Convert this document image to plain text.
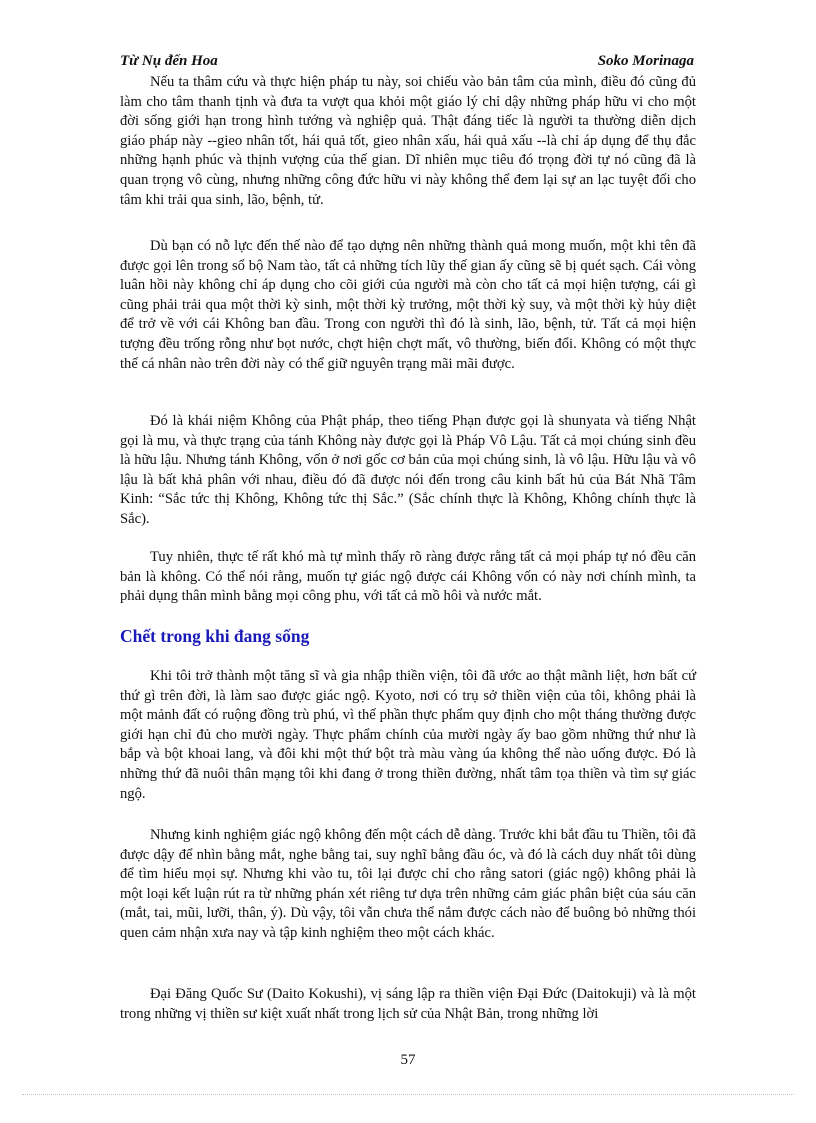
Từ Nụ đến Hoa	Soko Morinaga

Nếu ta thâm cứu và thực hiện pháp tu này, soi chiếu vào bản tâm của mình, điều đó cũng đủ làm cho tâm thanh tịnh và đưa ta vượt qua khỏi một giáo lý chỉ dậy những pháp hữu vi cho một đời sống giới hạn trong hình tướng và nghiệp quả. Thật đáng tiếc là người ta thường diễn dịch giáo pháp này --gieo nhân tốt, hái quả tốt, gieo nhân xấu, hái quả xấu --là chỉ áp dụng để thụ đắc những hạnh phúc và thịnh vượng của thế gian. Dĩ nhiên mục tiêu đó trọng đời tự nó cũng đã là quan trọng vô cùng, nhưng những công đức hữu vi này không thể đem lại sự an lạc tuyệt đối cho tâm khi trải qua sinh, lão, bệnh, tử.

Dù bạn có nỗ lực đến thế nào để tạo dựng nên những thành quả mong muốn, một khi tên đã được gọi lên trong sổ bộ Nam tào, tất cả những tích lũy thế gian ấy cũng sẽ bị quét sạch. Cái vòng luân hồi này không chỉ áp dụng cho cõi giới của người mà còn cho tất cả mọi hiện tượng, cái gì cũng phải trải qua một thời kỳ sinh, một thời kỳ trưởng, một thời kỳ suy, và một thời kỳ hủy diệt để trở về với cái Không ban đầu. Trong con người thì đó là sinh, lão, bệnh, tử. Tất cả mọi hiện tượng đều trống rỗng như bọt nước, chợt hiện chợt mất, vô thường, biến đổi. Không có một thực thể cá nhân nào trên đời này có thể giữ nguyên trạng mãi mãi được.

Đó là khái niệm Không của Phật pháp, theo tiếng Phạn được gọi là shunyata và tiếng Nhật gọi là mu, và thực trạng của tánh Không này được gọi là Pháp Vô Lậu. Tất cả mọi chúng sinh đều là hữu lậu. Nhưng tánh Không, vốn ở nơi gốc cơ bản của mọi chúng sinh, là vô lậu. Hữu lậu và vô lậu là bất khả phân với nhau, điều đó đã được nói đến trong câu kinh bất hủ của Bát Nhã Tâm Kinh: “Sắc tức thị Không, Không tức thị Sắc.” (Sắc chính thực là Không, Không chính thực là Sắc).

Tuy nhiên, thực tế rất khó mà tự mình thấy rõ ràng được rằng tất cả mọi pháp tự nó đều căn bản là không. Có thể nói rằng, muốn tự giác ngộ được cái Không vốn có này nơi chính mình, ta phải dụng thân mình bằng mọi công phu, với tất cả mồ hôi và nước mắt.

Chết trong khi đang sống

Khi tôi trở thành một tăng sĩ và gia nhập thiền viện, tôi đã ước ao thật mãnh liệt, hơn bất cứ thứ gì trên đời, là làm sao được giác ngộ. Kyoto, nơi có trụ sở thiền viện của tôi, không phải là một mảnh đất có ruộng đồng trù phú, vì thế phần thực phẩm quy định cho một tháng thường được giới hạn chỉ đủ cho mười ngày. Thực phẩm chính của mười ngày ấy bao gồm những thứ như là bắp và bột khoai lang, và đôi khi một thứ bột trà màu vàng úa không thể nào uống được. Đó là những thứ đã nuôi thân mạng tôi khi đang ở trong thiền đường, nhất tâm tọa thiền và tìm sự giác ngộ.

Nhưng kinh nghiệm giác ngộ không đến một cách dễ dàng. Trước khi bắt đầu tu Thiền, tôi đã được dậy để nhìn bằng mắt, nghe bằng tai, suy nghĩ bằng đầu óc, và đó là cách duy nhất tôi dùng để tìm hiểu mọi sự. Nhưng khi vào tu, tôi lại được chỉ cho rằng satori (giác ngộ) không phải là một loại kết luận rút ra từ những phán xét riêng tư dựa trên những cảm giác phân biệt của sáu căn (mắt, tai, mũi, lưỡi, thân, ý). Dù vậy, tôi vẫn chưa thể nắm được cách nào để buông bỏ những thói quen cảm nhận xưa nay và tập kinh nghiệm theo một cách khác.

Đại Đăng Quốc Sư (Daito Kokushi), vị sáng lập ra thiền viện Đại Đức (Daitokuji) và là một trong những vị thiền sư kiệt xuất nhất trong lịch sử của Nhật Bản, trong những lời

57
